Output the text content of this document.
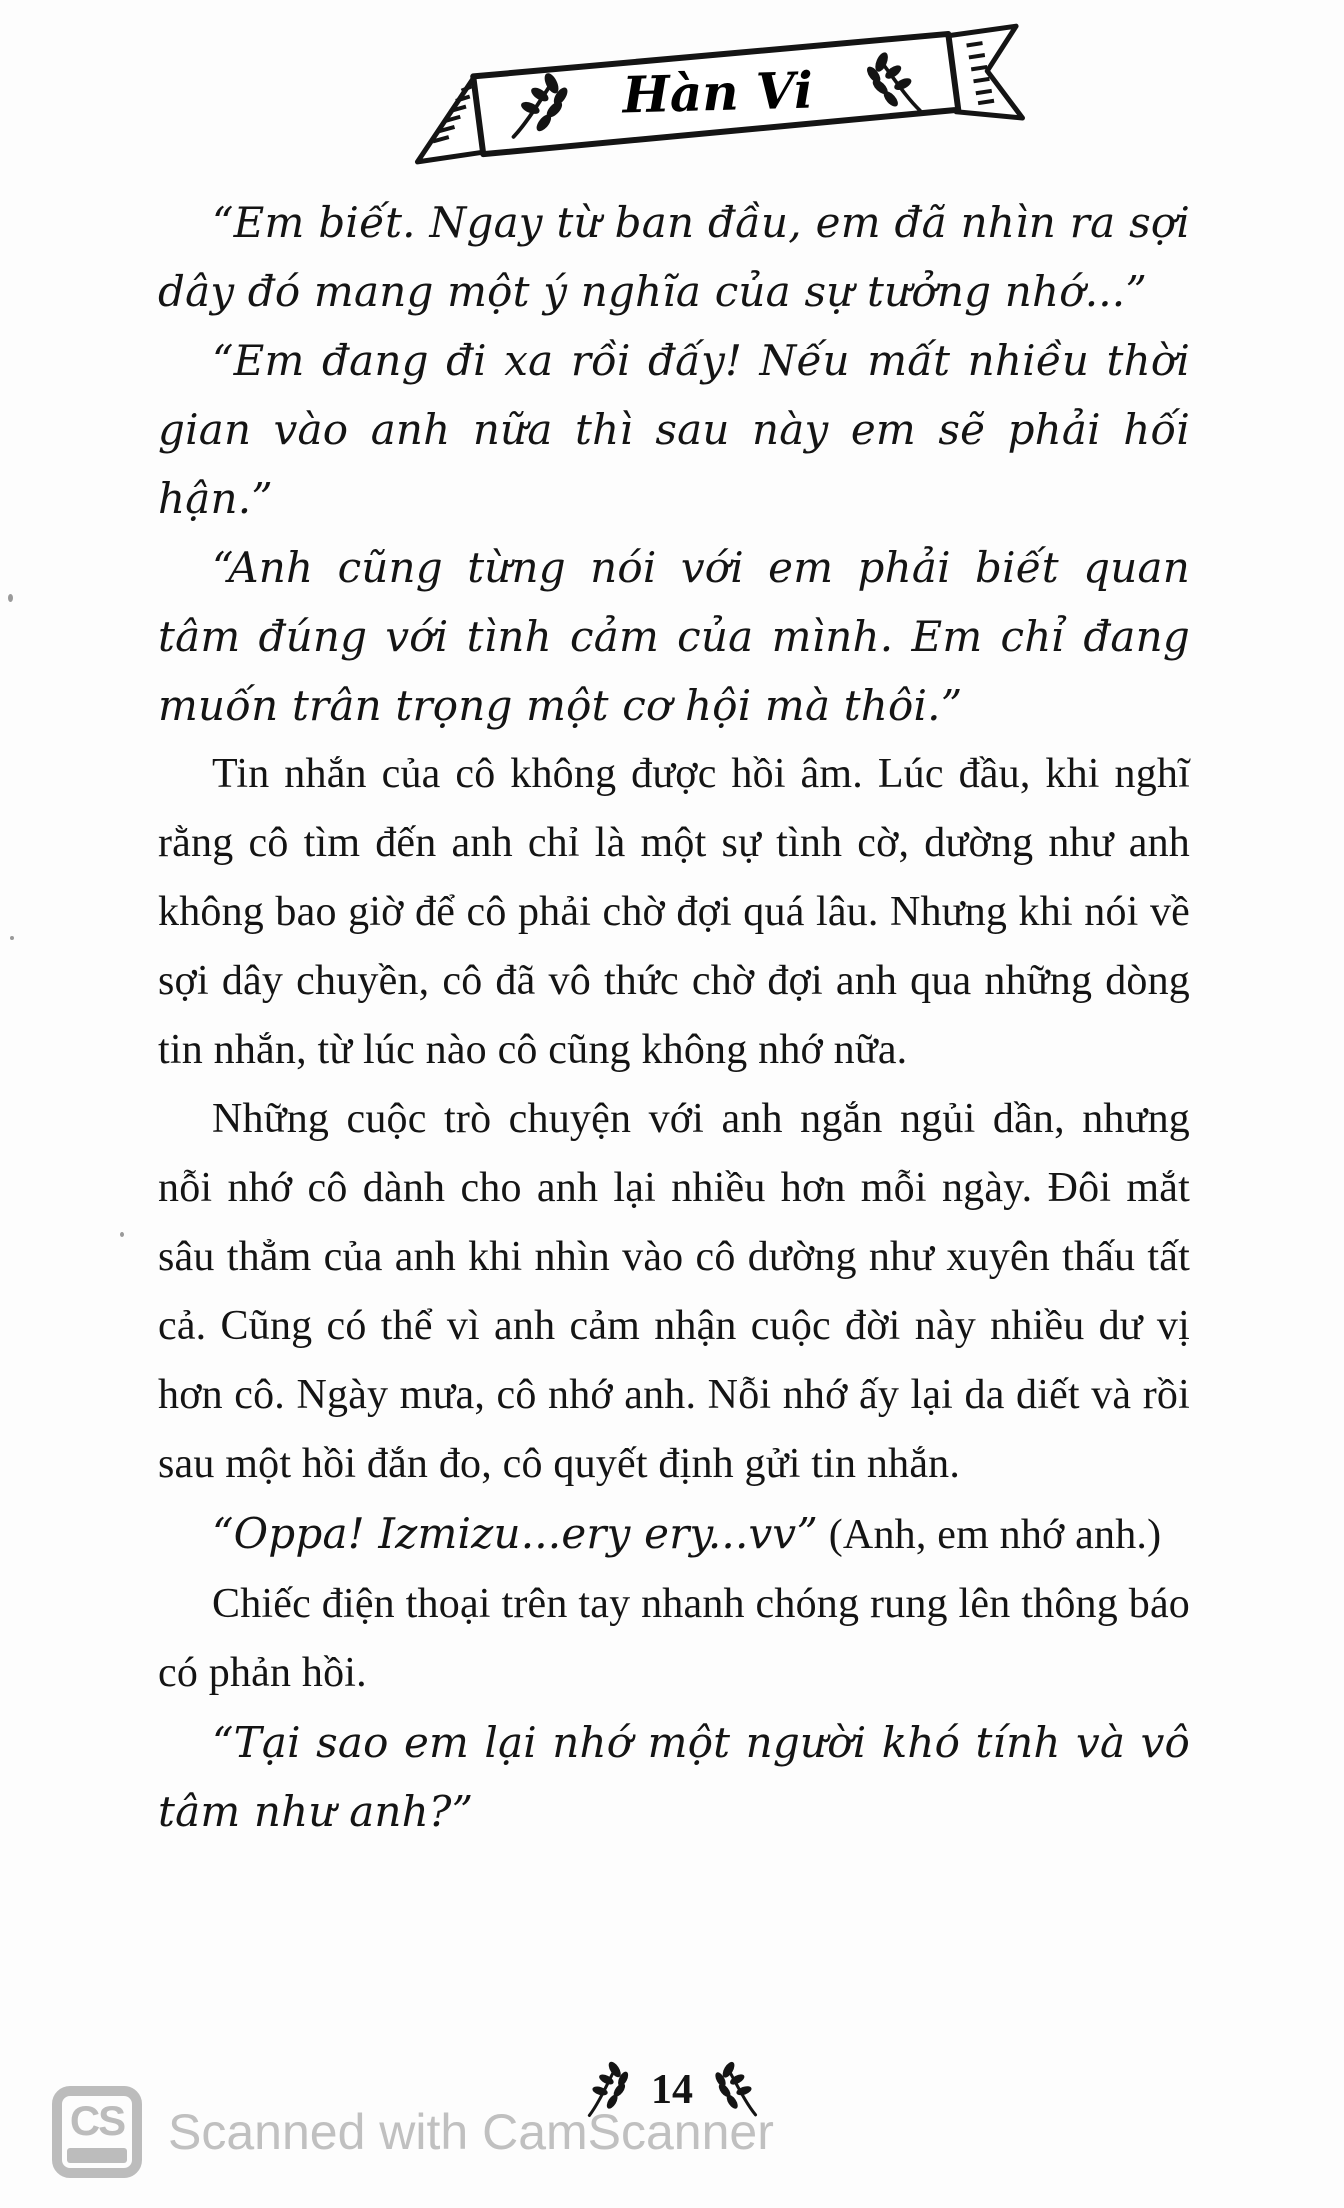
Hàn Vi

“Em biết. Ngay từ ban đầu, em đã nhìn ra sợi dây đó mang một ý nghĩa của sự tưởng nhớ...”

“Em đang đi xa rồi đấy! Nếu mất nhiều thời gian vào anh nữa thì sau này em sẽ phải hối hận.”

“Anh cũng từng nói với em phải biết quan tâm đúng với tình cảm của mình. Em chỉ đang muốn trân trọng một cơ hội mà thôi.”

Tin nhắn của cô không được hồi âm. Lúc đầu, khi nghĩ rằng cô tìm đến anh chỉ là một sự tình cờ, dường như anh không bao giờ để cô phải chờ đợi quá lâu. Nhưng khi nói về sợi dây chuyền, cô đã vô thức chờ đợi anh qua những dòng tin nhắn, từ lúc nào cô cũng không nhớ nữa.

Những cuộc trò chuyện với anh ngắn ngủi dần, nhưng nỗi nhớ cô dành cho anh lại nhiều hơn mỗi ngày. Đôi mắt sâu thẳm của anh khi nhìn vào cô dường như xuyên thấu tất cả. Cũng có thể vì anh cảm nhận cuộc đời này nhiều dư vị hơn cô. Ngày mưa, cô nhớ anh. Nỗi nhớ ấy lại da diết và rồi sau một hồi đắn đo, cô quyết định gửi tin nhắn.

“Oppa! Izmizu...ery ery...vv” (Anh, em nhớ anh.)

Chiếc điện thoại trên tay nhanh chóng rung lên thông báo có phản hồi.

“Tại sao em lại nhớ một người khó tính và vô tâm như anh?”

14
CS Scanned with CamScanner
